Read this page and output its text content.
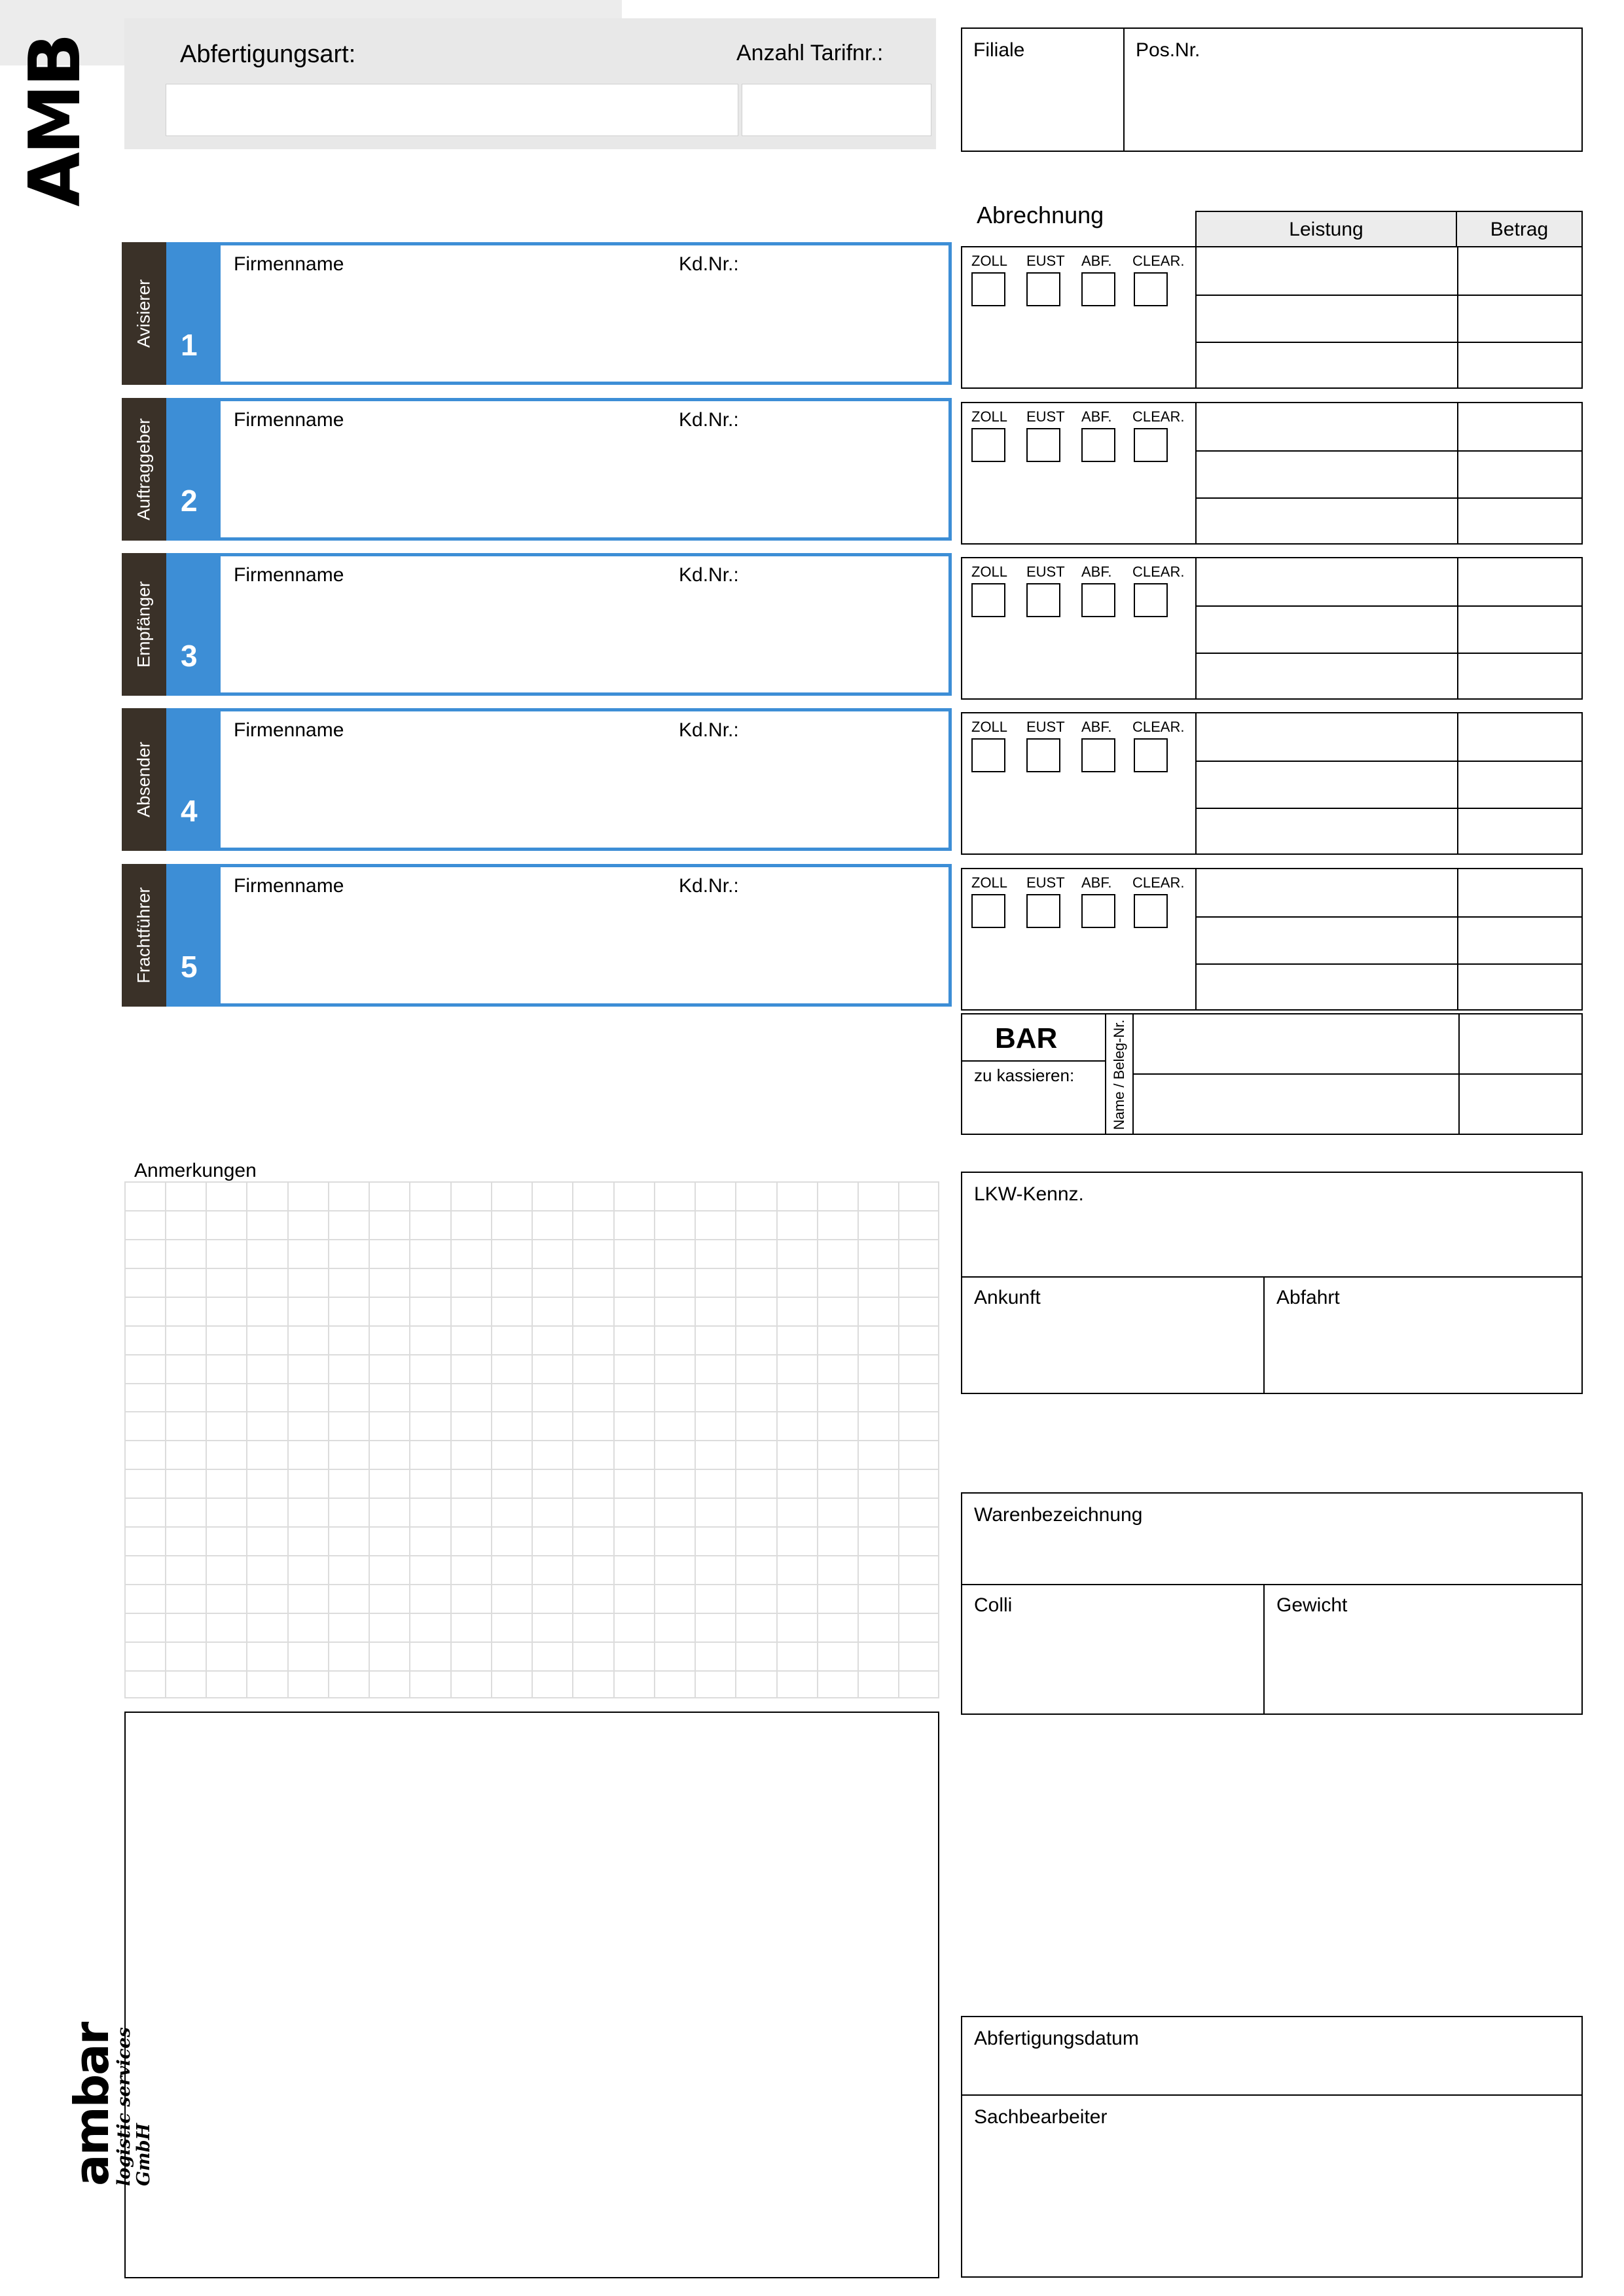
AMB	Abfertigungsart:	Anzahl Tarifnr.:	Filiale	Pos.Nr.
Abrechnung
Leistung	Betrag
Avisierer 1
Firmenname	Kd.Nr.:
Auftraggeber 2
Firmenname	Kd.Nr.:
Empfänger 3
Firmenname	Kd.Nr.:
Absender 4
Firmenname	Kd.Nr.:
Frachtführer 5
Firmenname	Kd.Nr.:
ZOLL EUST ABF. CLEAR.
ZOLL EUST ABF. CLEAR.
ZOLL EUST ABF. CLEAR.
ZOLL EUST ABF. CLEAR.
ZOLL EUST ABF. CLEAR.
BAR
zu kassieren:	Name / Beleg-Nr.
Anmerkungen
LKW-Kennz.
Ankunft	Abfahrt
Warenbezeichnung
Colli	Gewicht
Abfertigungsdatum
Sachbearbeiter
ambar
logistic services GmbH
